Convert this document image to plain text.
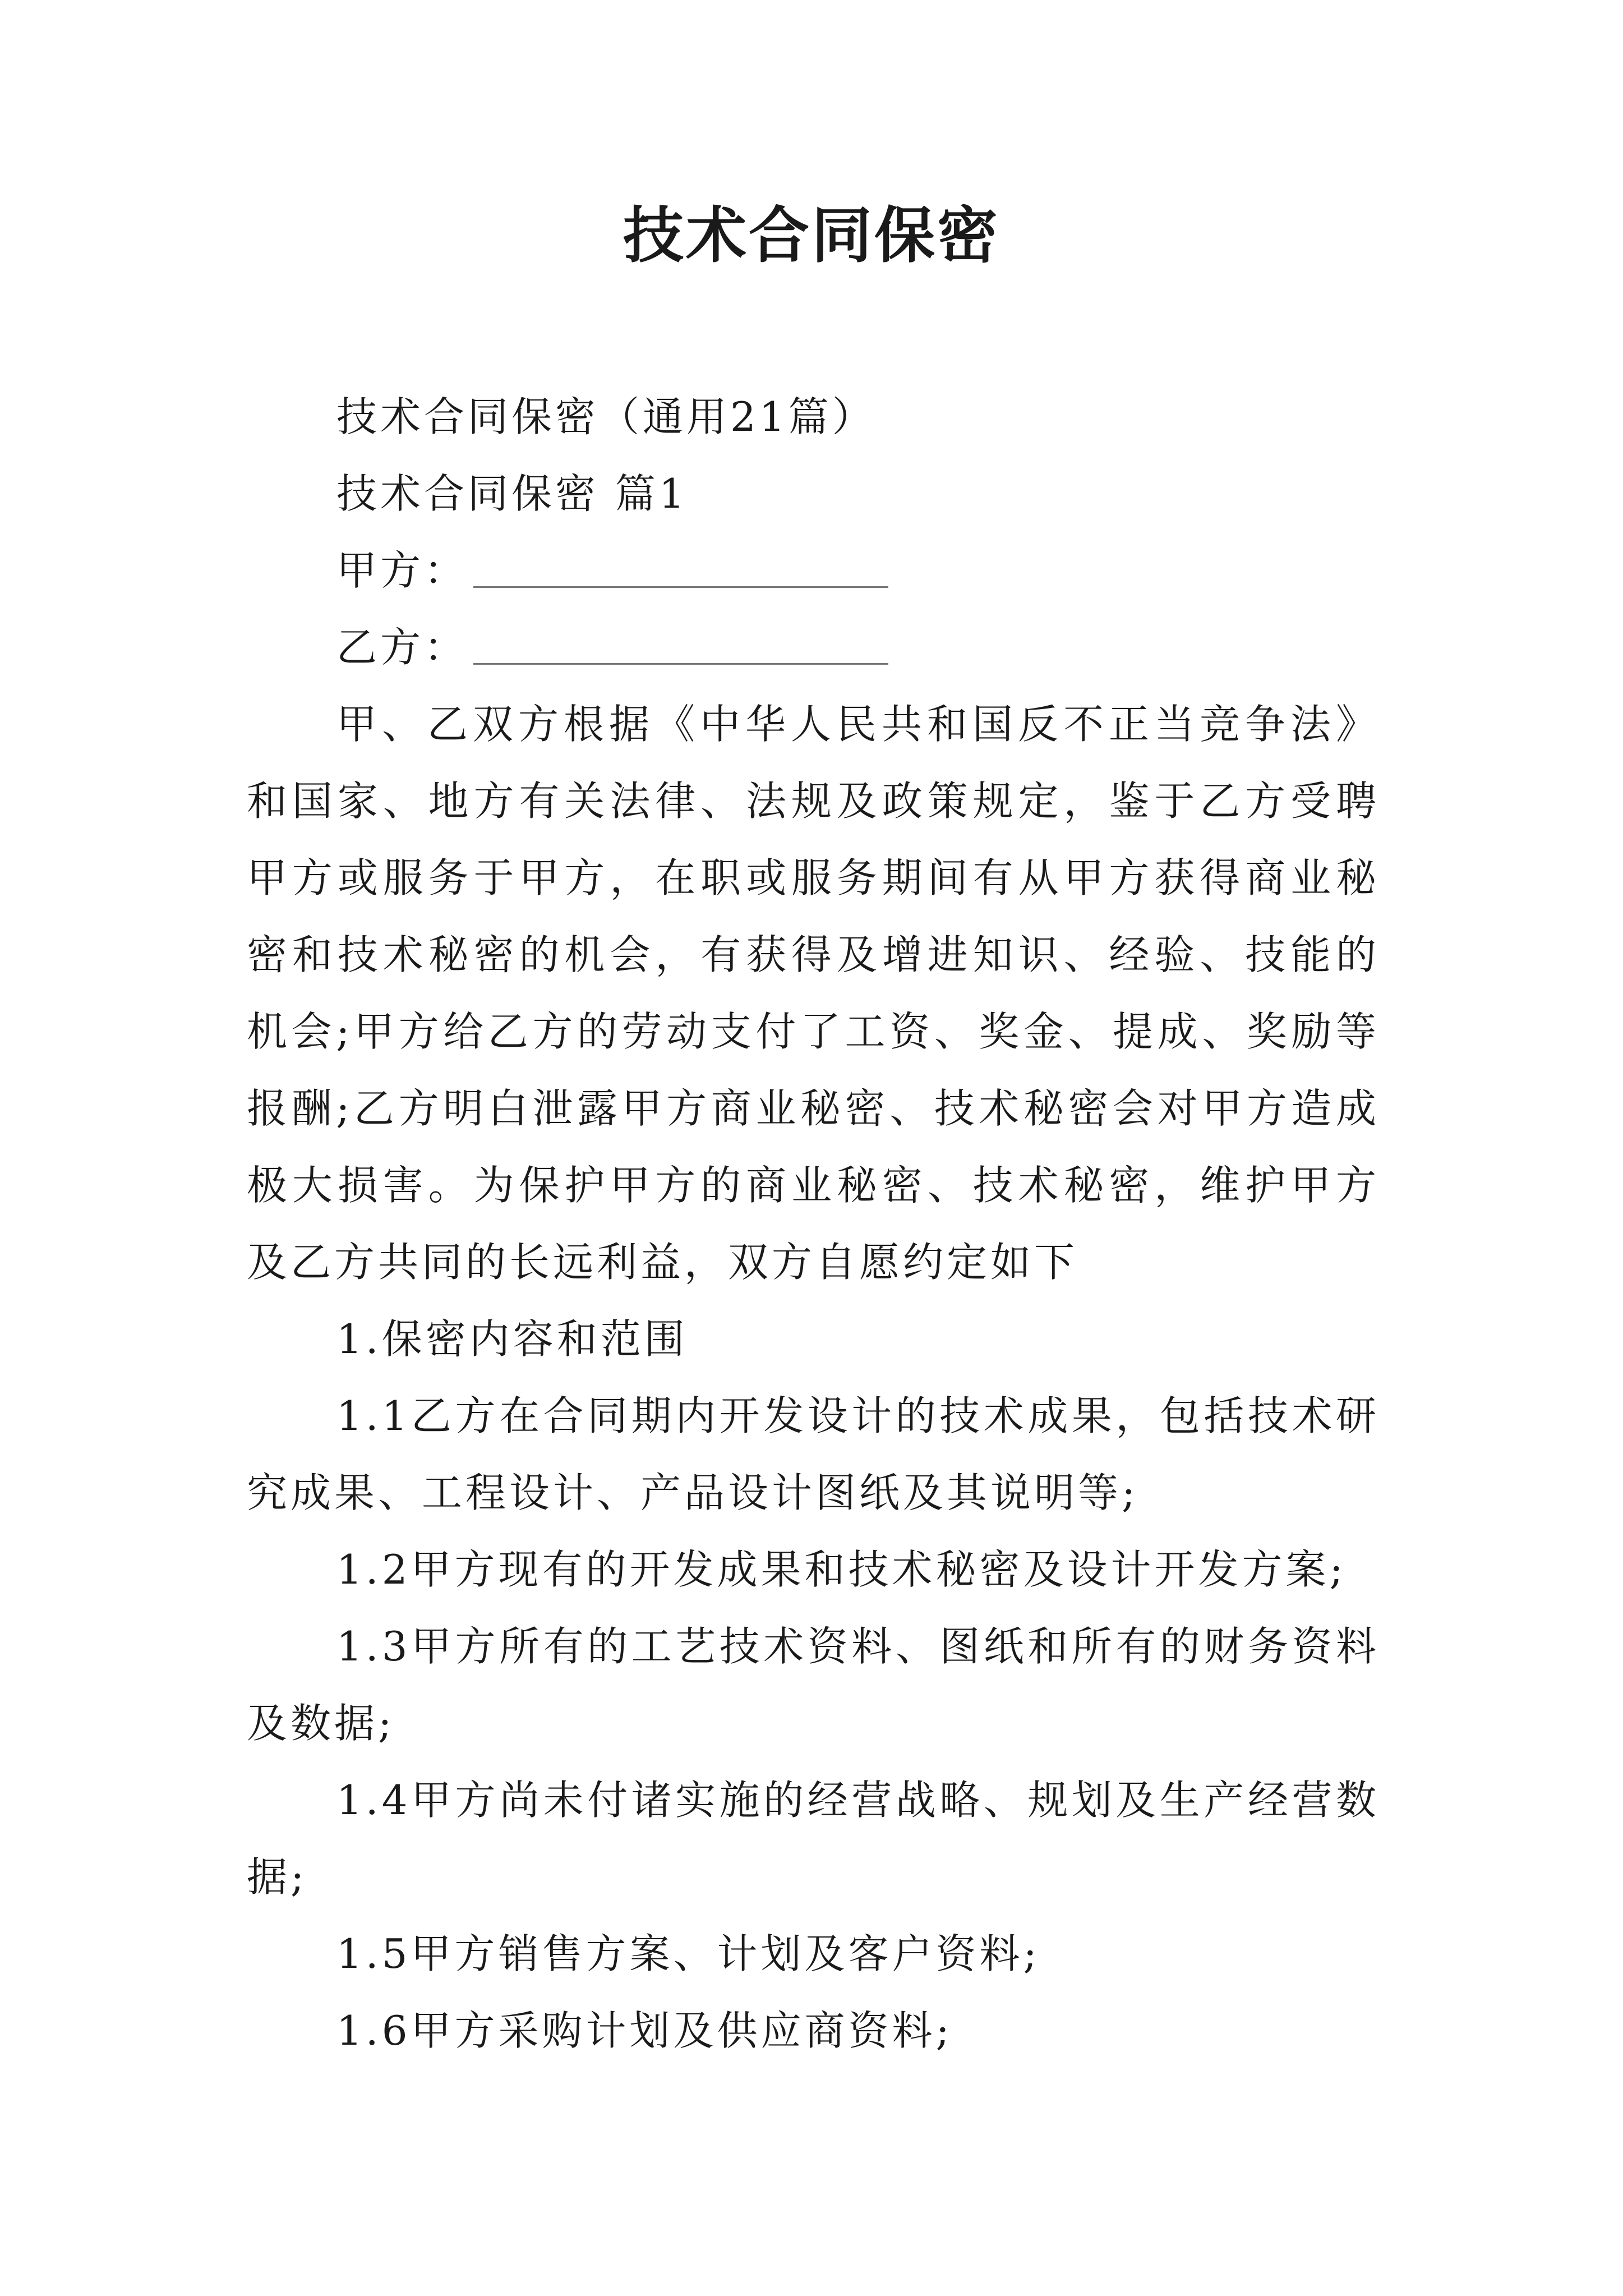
技术合同保密

技术合同保密（通用21篇）

技术合同保密 篇1

甲方：

乙方：

甲、乙双方根据《中华人民共和国反不正当竞争法》和国家、地方有关法律、法规及政策规定，鉴于乙方受聘甲方或服务于甲方，在职或服务期间有从甲方获得商业秘密和技术秘密的机会，有获得及增进知识、经验、技能的机会;甲方给乙方的劳动支付了工资、奖金、提成、奖励等报酬;乙方明白泄露甲方商业秘密、技术秘密会对甲方造成极大损害。为保护甲方的商业秘密、技术秘密，维护甲方及乙方共同的长远利益，双方自愿约定如下

1.保密内容和范围

1.1乙方在合同期内开发设计的技术成果，包括技术研究成果、工程设计、产品设计图纸及其说明等;

1.2甲方现有的开发成果和技术秘密及设计开发方案;

1.3甲方所有的工艺技术资料、图纸和所有的财务资料及数据;

1.4甲方尚未付诸实施的经营战略、规划及生产经营数据;

1.5甲方销售方案、计划及客户资料;

1.6甲方采购计划及供应商资料;
